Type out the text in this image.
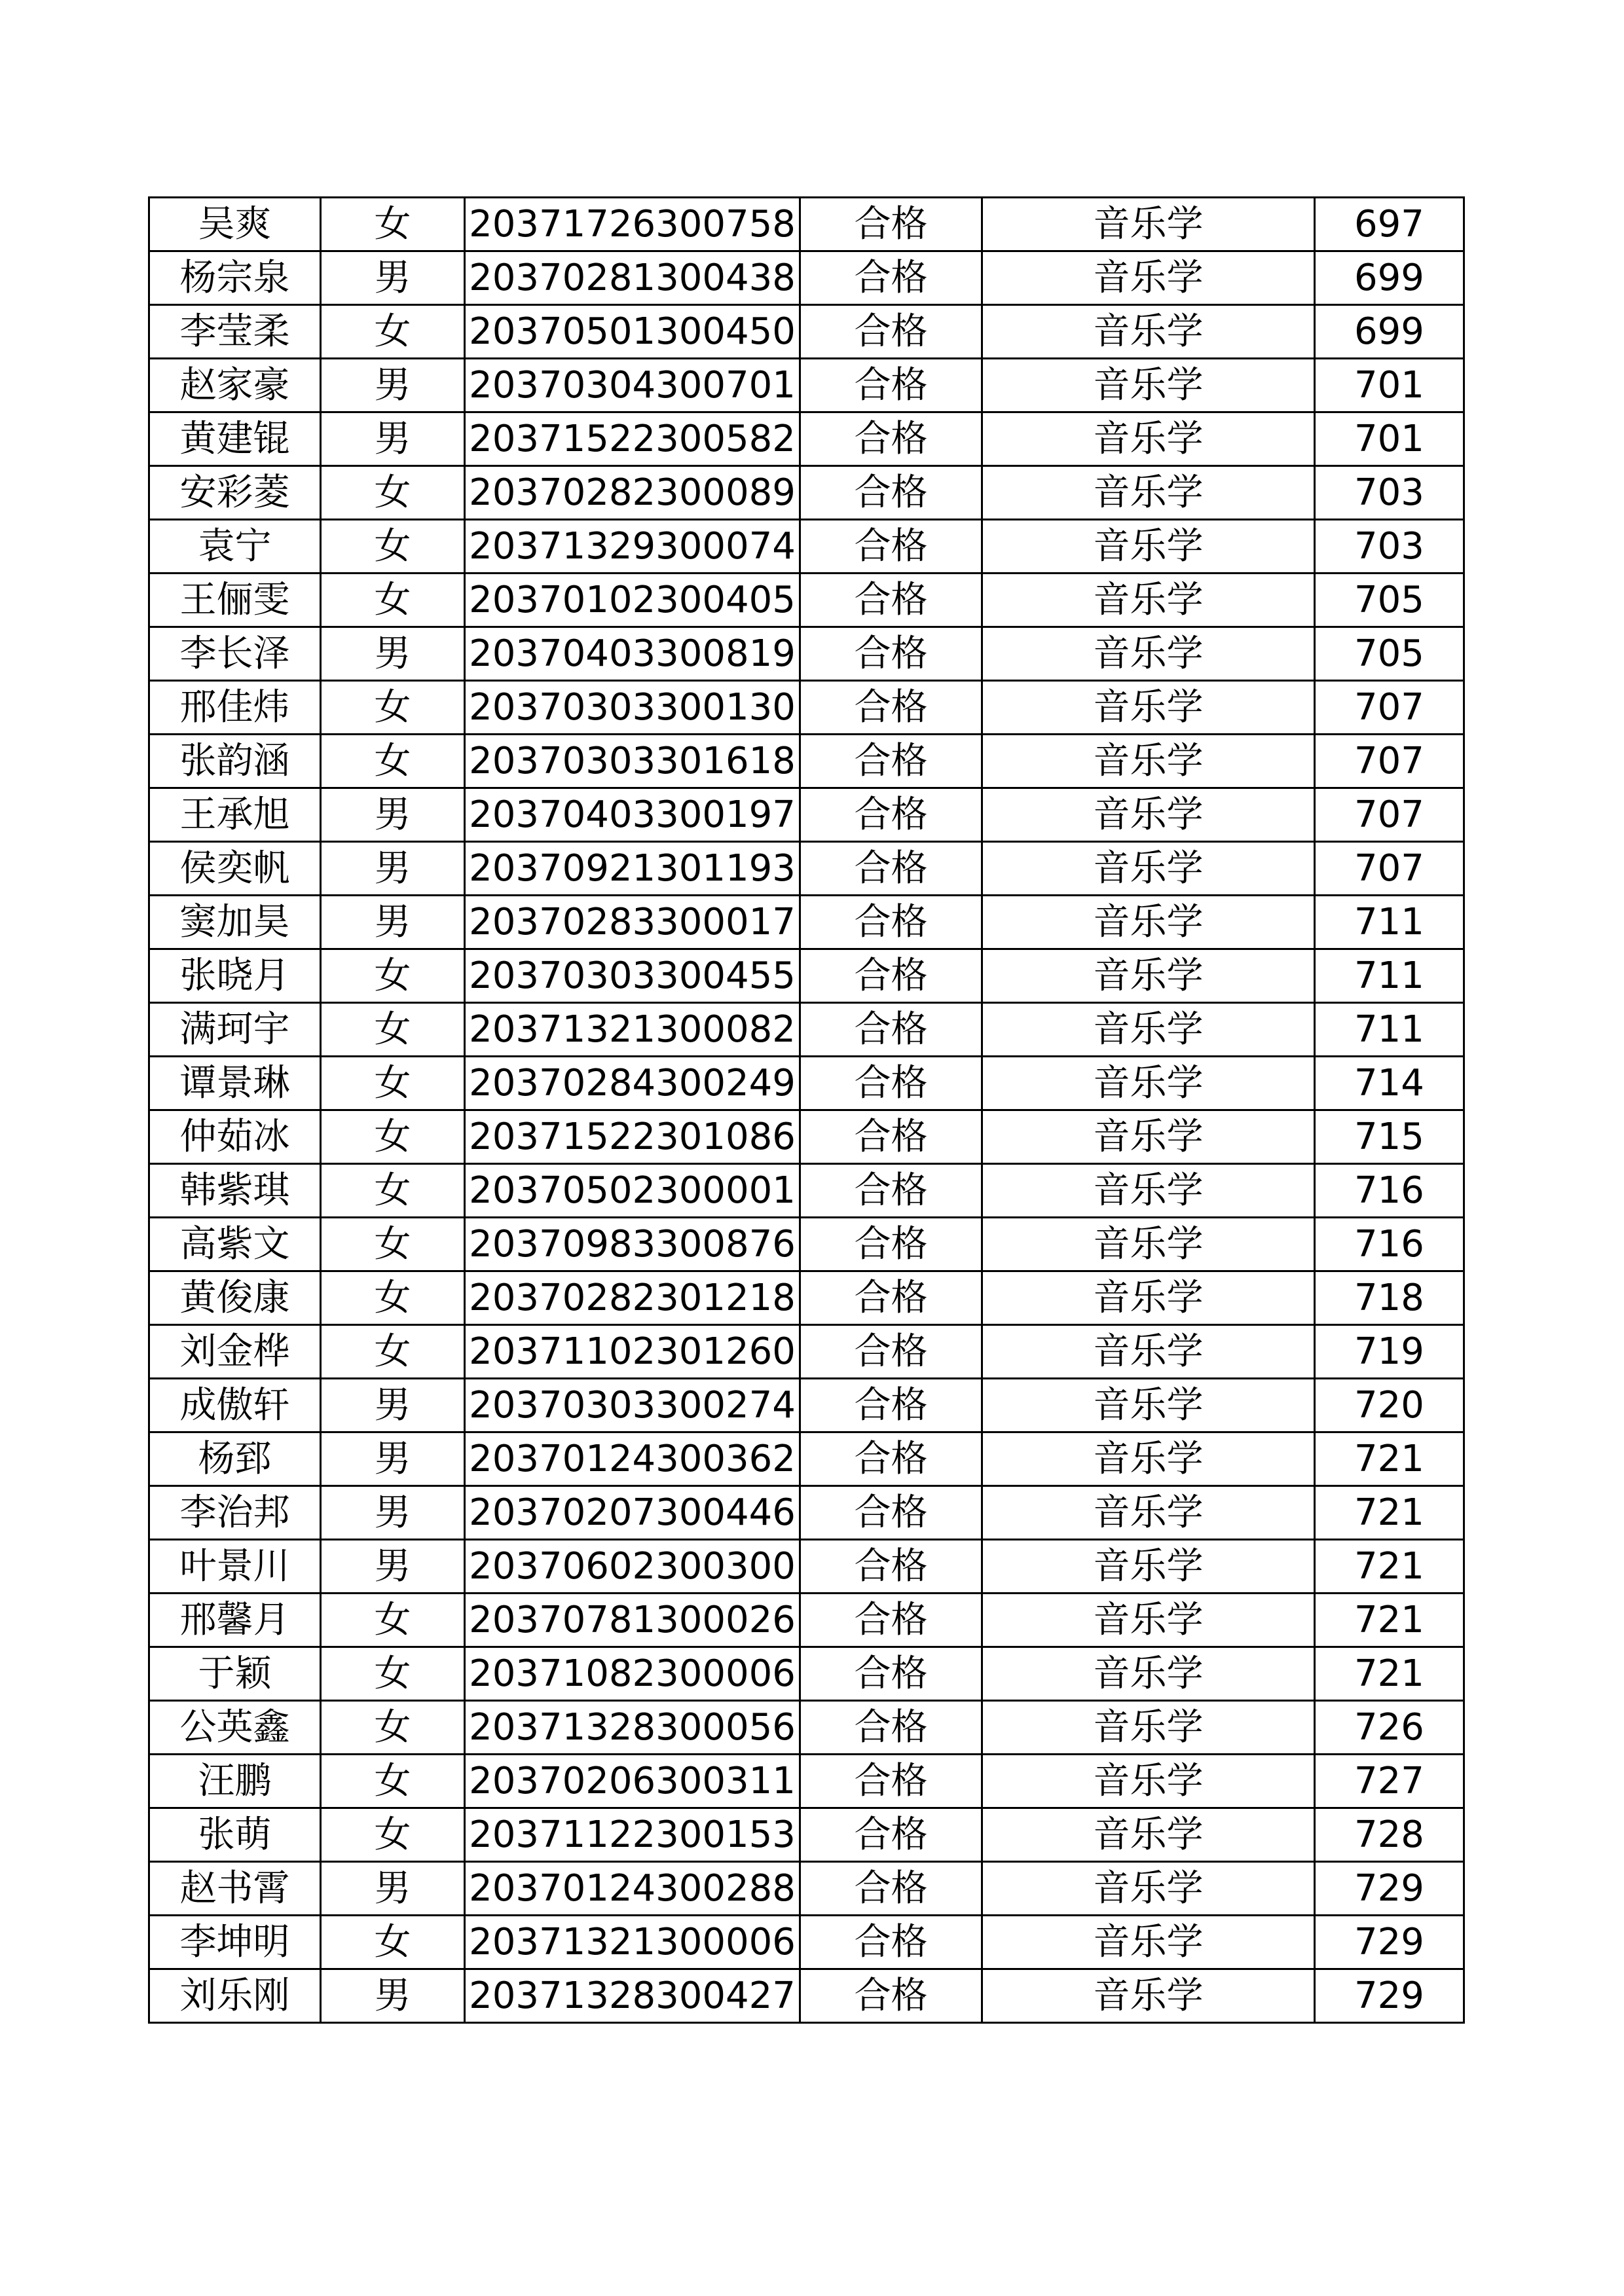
吴爽	女	20371726300758	合格	音乐学	697
杨宗泉	男	20370281300438	合格	音乐学	699
李莹柔	女	20370501300450	合格	音乐学	699
赵家豪	男	20370304300701	合格	音乐学	701
黄建锟	男	20371522300582	合格	音乐学	701
安彩菱	女	20370282300089	合格	音乐学	703
袁宁	女	20371329300074	合格	音乐学	703
王俪雯	女	20370102300405	合格	音乐学	705
李长泽	男	20370403300819	合格	音乐学	705
邢佳炜	女	20370303300130	合格	音乐学	707
张韵涵	女	20370303301618	合格	音乐学	707
王承旭	男	20370403300197	合格	音乐学	707
侯奕帆	男	20370921301193	合格	音乐学	707
窦加昊	男	20370283300017	合格	音乐学	711
张晓月	女	20370303300455	合格	音乐学	711
满珂宇	女	20371321300082	合格	音乐学	711
谭景琳	女	20370284300249	合格	音乐学	714
仲茹冰	女	20371522301086	合格	音乐学	715
韩紫琪	女	20370502300001	合格	音乐学	716
高紫文	女	20370983300876	合格	音乐学	716
黄俊康	女	20370282301218	合格	音乐学	718
刘金桦	女	20371102301260	合格	音乐学	719
成傲轩	男	20370303300274	合格	音乐学	720
杨郅	男	20370124300362	合格	音乐学	721
李治邦	男	20370207300446	合格	音乐学	721
叶景川	男	20370602300300	合格	音乐学	721
邢馨月	女	20370781300026	合格	音乐学	721
于颖	女	20371082300006	合格	音乐学	721
公英鑫	女	20371328300056	合格	音乐学	726
汪鹏	女	20370206300311	合格	音乐学	727
张萌	女	20371122300153	合格	音乐学	728
赵书霄	男	20370124300288	合格	音乐学	729
李坤明	女	20371321300006	合格	音乐学	729
刘乐刚	男	20371328300427	合格	音乐学	729
